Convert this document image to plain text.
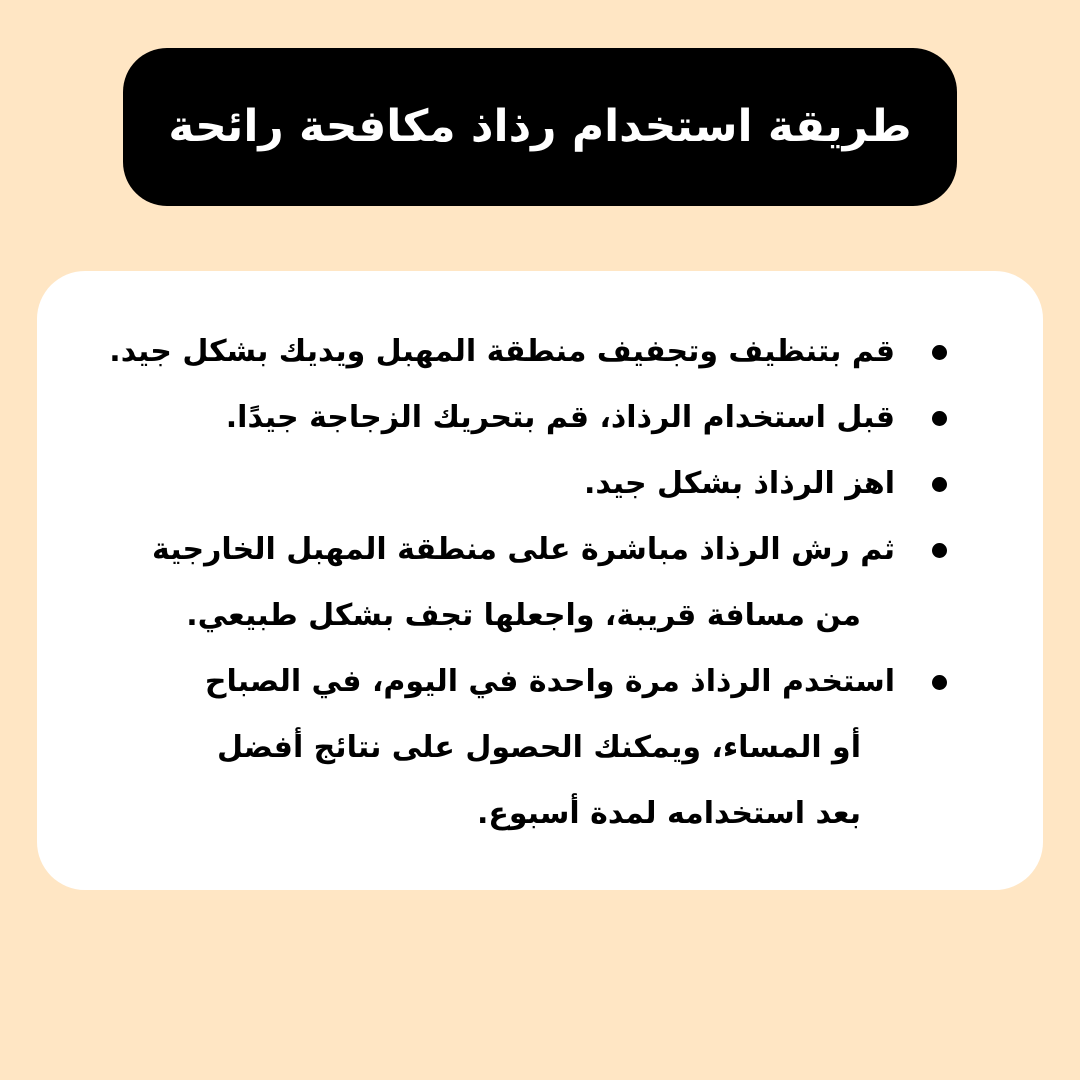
طريقة استخدام رذاذ مكافحة رائحة
قم بتنظيف وتجفيف منطقة المهبل ويديك بشكل جيد.
قبل استخدام الرذاذ، قم بتحريك الزجاجة جيدًا.
اهز الرذاذ بشكل جيد.
ثم رش الرذاذ مباشرة على منطقة المهبل الخارجية
من مسافة قريبة، واجعلها تجف بشكل طبيعي.
استخدم الرذاذ مرة واحدة في اليوم، في الصباح
أو المساء، ويمكنك الحصول على نتائج أفضل
بعد استخدامه لمدة أسبوع.
